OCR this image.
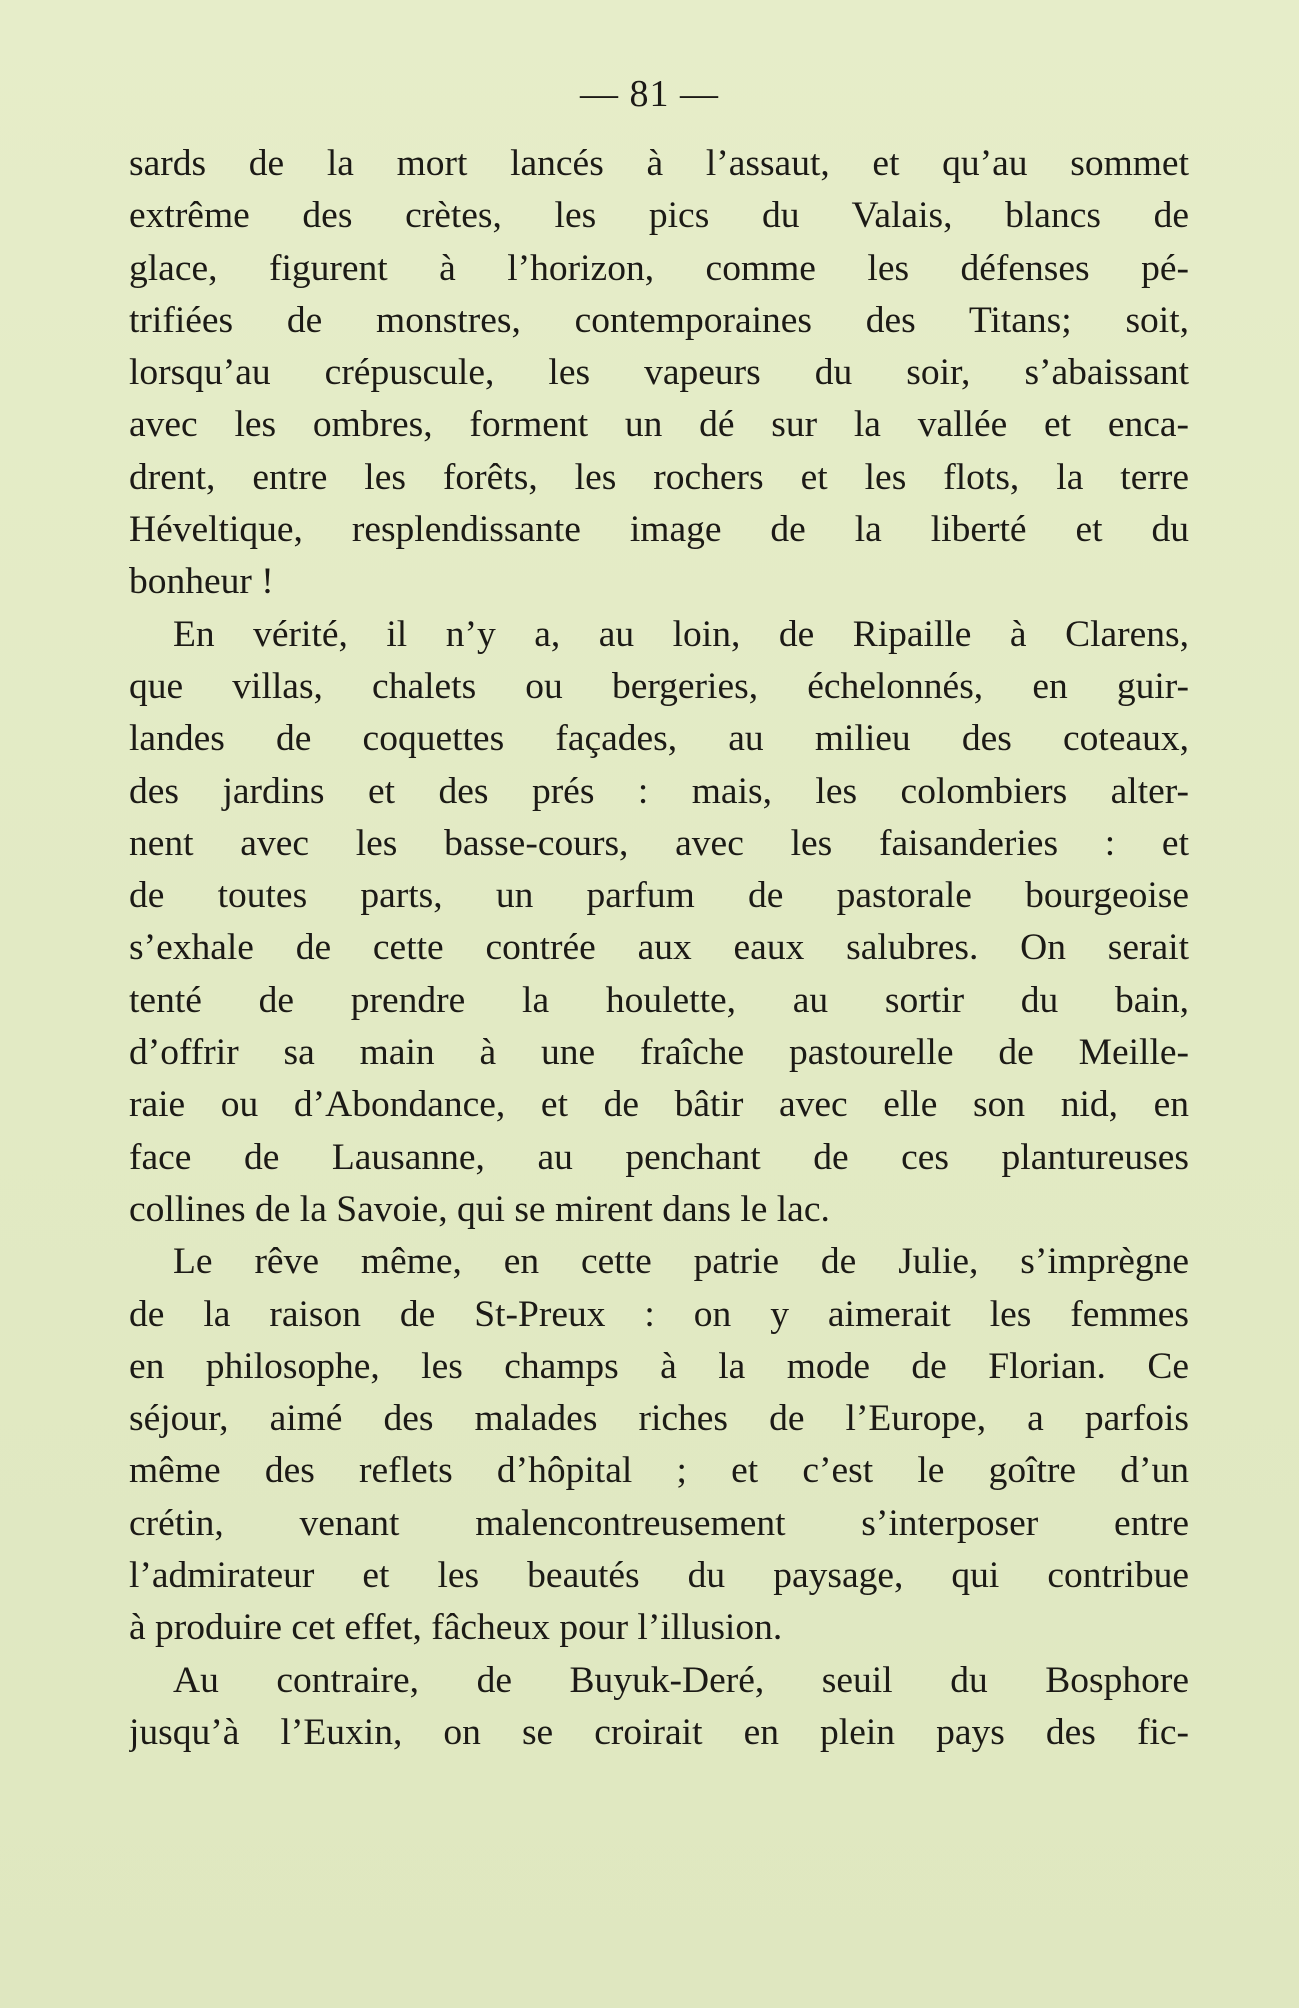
— 81 —
sards de la mort lancés à l’assaut, et qu’au sommet
extrême des crètes, les pics du Valais, blancs de
glace, figurent à l’horizon, comme les défenses pé-
trifiées de monstres, contemporaines des Titans; soit,
lorsqu’au crépuscule, les vapeurs du soir, s’abaissant
avec les ombres, forment un dé sur la vallée et enca-
drent, entre les forêts, les rochers et les flots, la terre
Héveltique, resplendissante image de la liberté et du
bonheur !
En vérité, il n’y a, au loin, de Ripaille à Clarens,
que villas, chalets ou bergeries, échelonnés, en guir-
landes de coquettes façades, au milieu des coteaux,
des jardins et des prés : mais, les colombiers alter-
nent avec les basse-cours, avec les faisanderies : et
de toutes parts, un parfum de pastorale bourgeoise
s’exhale de cette contrée aux eaux salubres. On serait
tenté de prendre la houlette, au sortir du bain,
d’offrir sa main à une fraîche pastourelle de Meille-
raie ou d’Abondance, et de bâtir avec elle son nid, en
face de Lausanne, au penchant de ces plantureuses
collines de la Savoie, qui se mirent dans le lac.
Le rêve même, en cette patrie de Julie, s’imprègne
de la raison de St-Preux : on y aimerait les femmes
en philosophe, les champs à la mode de Florian. Ce
séjour, aimé des malades riches de l’Europe, a parfois
même des reflets d’hôpital ; et c’est le goître d’un
crétin, venant malencontreusement s’interposer entre
l’admirateur et les beautés du paysage, qui contribue
à produire cet effet, fâcheux pour l’illusion.
Au contraire, de Buyuk-Deré, seuil du Bosphore
jusqu’à l’Euxin, on se croirait en plein pays des fic-
